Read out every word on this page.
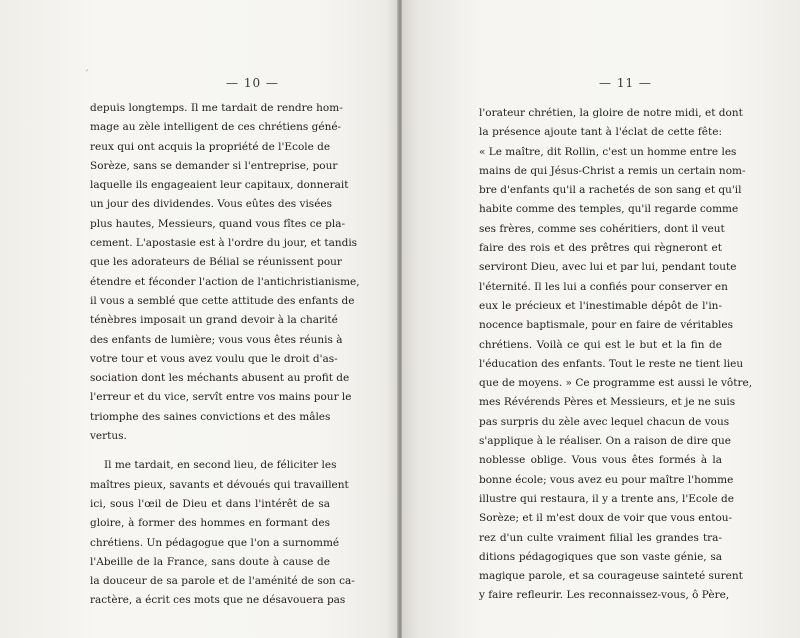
ˊ
— 10 —
depuis longtemps. Il me tardait de rendre hom-
mage au zèle intelligent de ces chrétiens géné-
reux qui ont acquis la propriété de l'Ecole de
Sorèze, sans se demander si l'entreprise, pour
laquelle ils engageaient leur capitaux, donnerait
un jour des dividendes. Vous eûtes des visées
plus hautes, Messieurs, quand vous fîtes ce pla-
cement. L'apostasie est à l'ordre du jour, et tandis
que les adorateurs de Bélial se réunissent pour
étendre et féconder l'action de l'antichristianisme,
il vous a semblé que cette attitude des enfants de
ténèbres imposait un grand devoir à la charité
des enfants de lumière; vous vous êtes réunis à
votre tour et vous avez voulu que le droit d'as-
sociation dont les méchants abusent au profit de
l'erreur et du vice, servît entre vos mains pour le
triomphe des saines convictions et des mâles
vertus.
Il me tardait, en second lieu, de féliciter les
maîtres pieux, savants et dévoués qui travaillent
ici, sous l'œil de Dieu et dans l'intérêt de sa
gloire, à former des hommes en formant des
chrétiens. Un pédagogue que l'on a surnommé
l'Abeille de la France, sans doute à cause de
la douceur de sa parole et de l'aménité de son ca-
ractère, a écrit ces mots que ne désavouera pas
— 11 —
l'orateur chrétien, la gloire de notre midi, et dont
la présence ajoute tant à l'éclat de cette fête:
« Le maître, dit Rollin, c'est un homme entre les
mains de qui Jésus-Christ a remis un certain nom-
bre d'enfants qu'il a rachetés de son sang et qu'il
habite comme des temples, qu'il regarde comme
ses frères, comme ses cohéritiers, dont il veut
faire des rois et des prêtres qui règneront et
serviront Dieu, avec lui et par lui, pendant toute
l'éternité. Il les lui a confiés pour conserver en
eux le précieux et l'inestimable dépôt de l'in-
nocence baptismale, pour en faire de véritables
chrétiens. Voilà ce qui est le but et la fin de
l'éducation des enfants. Tout le reste ne tient lieu
que de moyens. » Ce programme est aussi le vôtre,
mes Révérends Pères et Messieurs, et je ne suis
pas surpris du zèle avec lequel chacun de vous
s'applique à le réaliser. On a raison de dire que
noblesse oblige. Vous vous êtes formés à la
bonne école; vous avez eu pour maître l'homme
illustre qui restaura, il y a trente ans, l'Ecole de
Sorèze; et il m'est doux de voir que vous entou-
rez d'un culte vraiment filial les grandes tra-
ditions pédagogiques que son vaste génie, sa
magique parole, et sa courageuse sainteté surent
y faire refleurir. Les reconnaissez-vous, ô Père,
